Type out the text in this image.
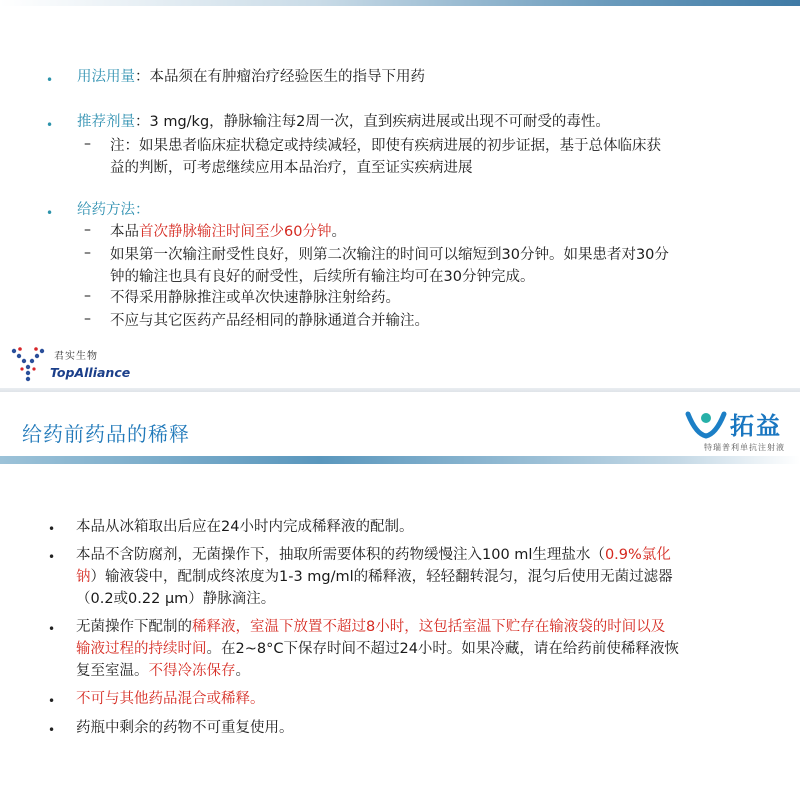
• 用法用量：本品须在有肿瘤治疗经验医生的指导下用药
• 推荐剂量：3 mg/kg，静脉输注每2周一次，直到疾病进展或出现不可耐受的毒性。
– 注：如果患者临床症状稳定或持续减轻，即使有疾病进展的初步证据，基于总体临床获
益的判断，可考虑继续应用本品治疗，直至证实疾病进展
• 给药方法：
– 本品首次静脉输注时间至少60分钟。
– 如果第一次输注耐受性良好，则第二次输注的时间可以缩短到30分钟。如果患者对30分
钟的输注也具有良好的耐受性，后续所有输注均可在30分钟完成。
– 不得采用静脉推注或单次快速静脉注射给药。
– 不应与其它医药产品经相同的静脉通道合并输注。
君实生物
TopAlliance
给药前药品的稀释	拓益
特瑞普利单抗注射液
• 本品从冰箱取出后应在24小时内完成稀释液的配制。
• 本品不含防腐剂，无菌操作下，抽取所需要体积的药物缓慢注入100 ml生理盐水（0.9%氯化
钠）输液袋中，配制成终浓度为1-3 mg/ml的稀释液，轻轻翻转混匀，混匀后使用无菌过滤器
（0.2或0.22 μm）静脉滴注。
• 无菌操作下配制的稀释液，室温下放置不超过8小时，这包括室温下贮存在输液袋的时间以及
输液过程的持续时间。在2~8°C下保存时间不超过24小时。如果冷藏，请在给药前使稀释液恢
复至室温。不得冷冻保存。
• 不可与其他药品混合或稀释。
• 药瓶中剩余的药物不可重复使用。
